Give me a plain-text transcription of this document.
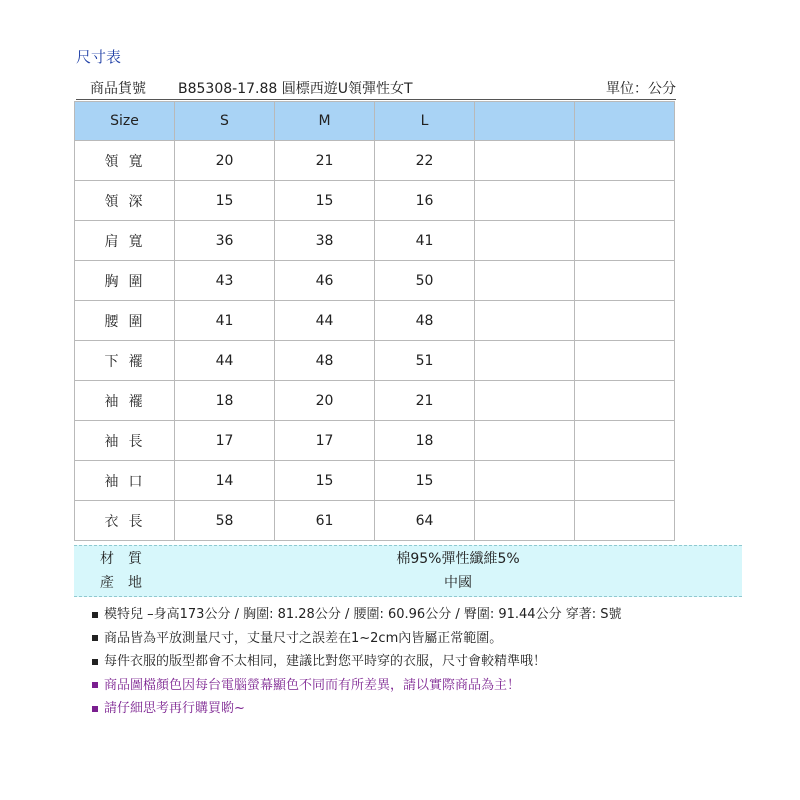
尺寸表
商品貨號 B85308-17.88 圓標西遊U領彈性女T	單位：公分
Size	S	M	L		
領寬	20	21	22		
領深	15	15	16		
肩寬	36	38	41		
胸圍	43	46	50		
腰圍	41	44	48		
下襬	44	48	51		
袖襬	18	20	21		
袖長	17	17	18		
袖口	14	15	15		
衣長	58	61	64		
材質	棉95%彈性纖維5%
產地	中國
模特兒 –身高173公分 / 胸圍: 81.28公分 / 腰圍: 60.96公分 / 臀圍: 91.44公分 穿著: S號
商品皆為平放測量尺寸，丈量尺寸之誤差在1~2cm內皆屬正常範圍。
每件衣服的版型都會不太相同，建議比對您平時穿的衣服，尺寸會較精準哦！
商品圖檔顏色因每台電腦螢幕顯色不同而有所差異，請以實際商品為主！
請仔細思考再行購買喲~
